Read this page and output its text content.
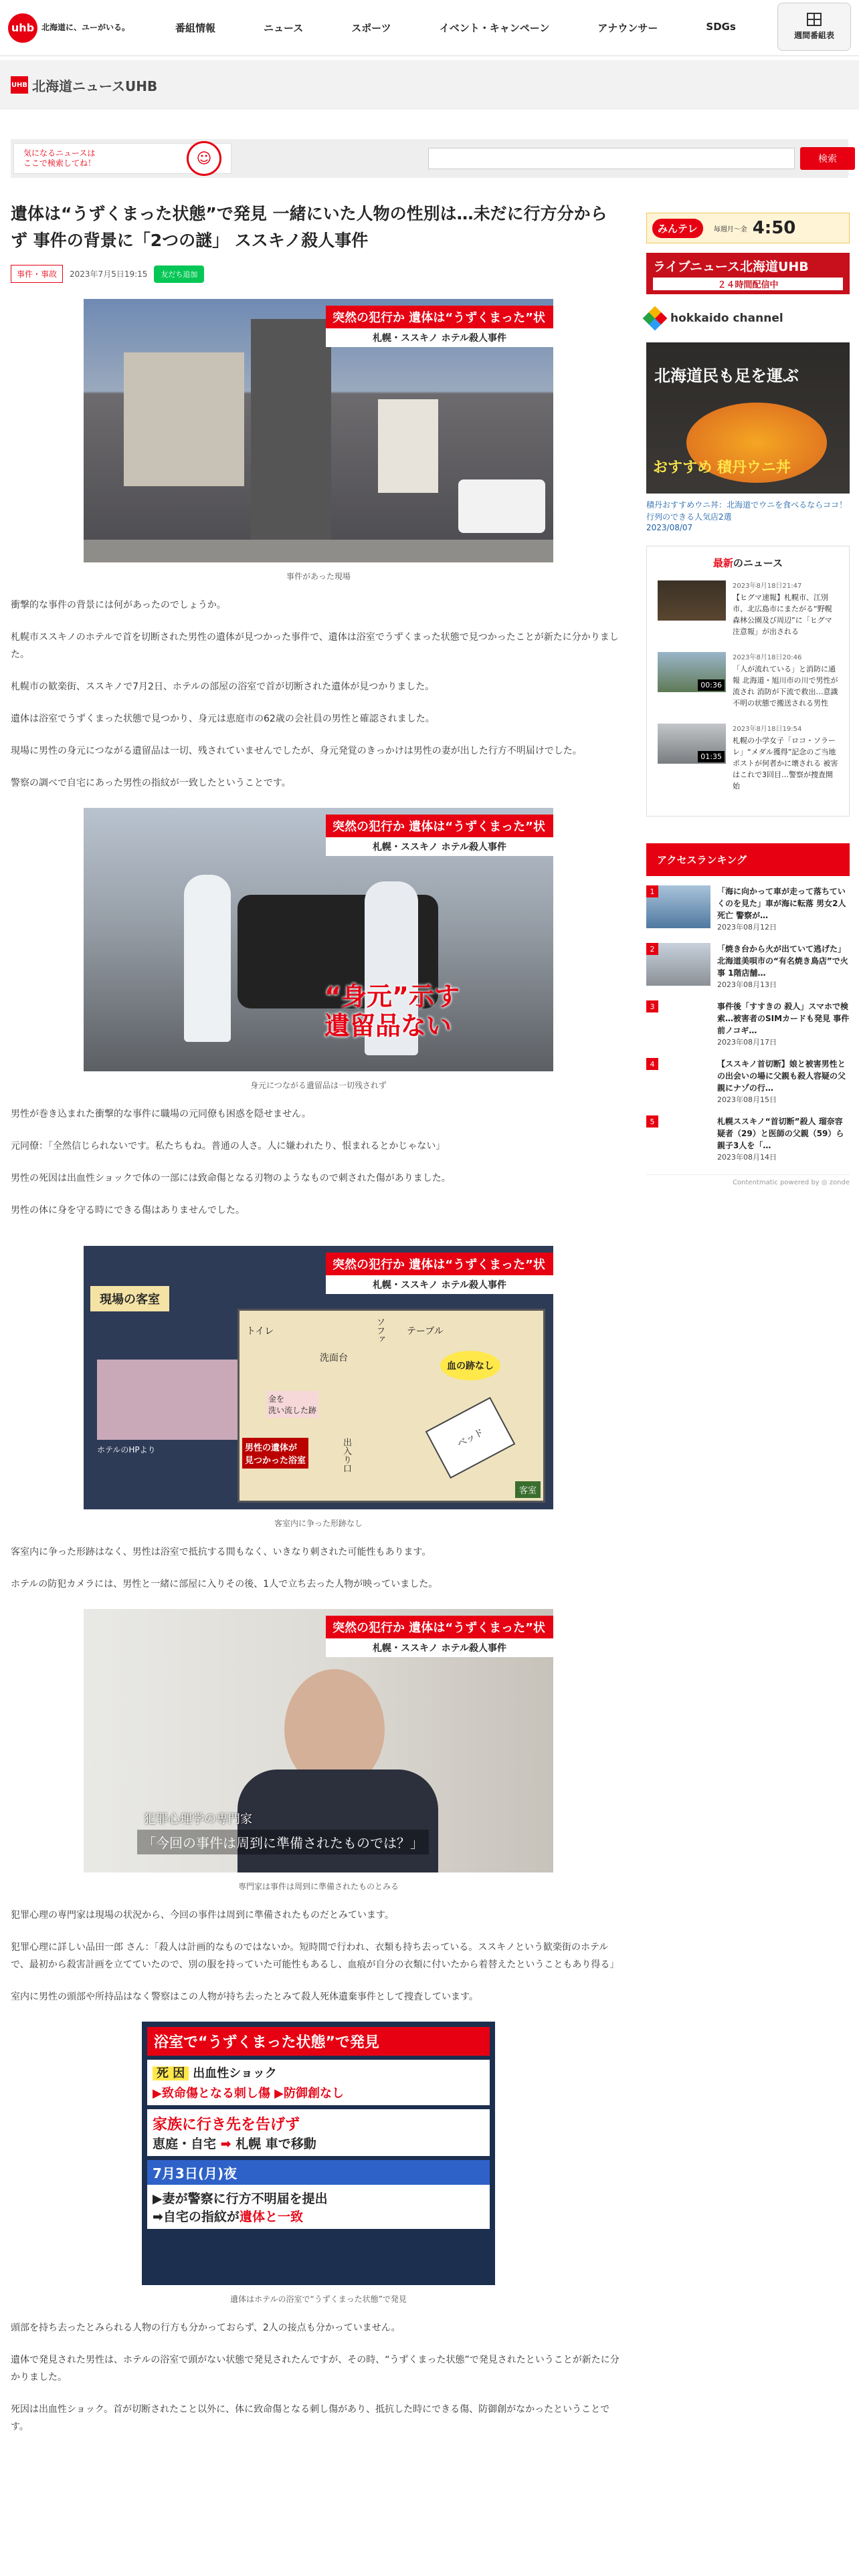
uhb 北海道に、ユーがいる。	番組情報	ニュース	スポーツ	イベント・キャンペーン	アナウンサー	SDGs
週間番組表
UHB 北海道ニュースUHB
気になるニュースは
ここで検索してね！	☺	検索
遺体は“うずくまった状態”で発見 一緒にいた人物の性別は…未だに行方分からず 事件の背景に「2つの謎」 ススキノ殺人事件
事件・事故	2023年7月5日19:15	友だち追加
突然の犯行か 遺体は“うずくまった”状
札幌・ススキノ ホテル殺人事件
事件があった現場

衝撃的な事件の背景には何があったのでしょうか。

札幌市ススキノのホテルで首を切断された男性の遺体が見つかった事件で、遺体は浴室でうずくまった状態で見つかったことが新たに分かりました。

札幌市の歓楽街、ススキノで7月2日、ホテルの部屋の浴室で首が切断された遺体が見つかりました。

遺体は浴室でうずくまった状態で見つかり、身元は恵庭市の62歳の会社員の男性と確認されました。

現場に男性の身元につながる遺留品は一切、残されていませんでしたが、身元発覚のきっかけは男性の妻が出した行方不明届けでした。

警察の調べで自宅にあった男性の指紋が一致したということです。

突然の犯行か 遺体は“うずくまった”状
札幌・ススキノ ホテル殺人事件
“身元”示す
遺留品ない
身元につながる遺留品は一切残されず

男性が巻き込まれた衝撃的な事件に職場の元同僚も困惑を隠せません。

元同僚：「全然信じられないです。私たちもね。普通の人さ。人に嫌われたり、恨まれるとかじゃない」

男性の死因は出血性ショックで体の一部には致命傷となる刃物のようなもので刺された傷がありました。

男性の体に身を守る時にできる傷はありませんでした。

突然の犯行か 遺体は“うずくまった”状
札幌・ススキノ ホテル殺人事件
現場の客室
ホテルのHPより
トイレ
洗面台
ソファ テーブル
血の跡なし
ベッド
金を
洗い流した跡
男性の遺体が
見つかった浴室	出入り口
客室
客室内に争った形跡なし

客室内に争った形跡はなく、男性は浴室で抵抗する間もなく、いきなり刺された可能性もあります。

ホテルの防犯カメラには、男性と一緒に部屋に入りその後、1人で立ち去った人物が映っていました。

突然の犯行か 遺体は“うずくまった”状
札幌・ススキノ ホテル殺人事件
犯罪心理学の専門家
「今回の事件は周到に準備されたものでは？」
専門家は事件は周到に準備されたものとみる

犯罪心理の専門家は現場の状況から、今回の事件は周到に準備されたものだとみています。

犯罪心理に詳しい品田一郎 さん：「殺人は計画的なものではないか。短時間で行われ、衣類も持ち去っている。ススキノという歓楽街のホテルで、最初から殺害計画を立てていたので、別の服を持っていた可能性もあるし、血痕が自分の衣類に付いたから着替えたということもあり得る」

室内に男性の頭部や所持品はなく警察はこの人物が持ち去ったとみて殺人死体遺棄事件として捜査しています。

浴室で“うずくまった状態”で発見
死 因 出血性ショック
▶致命傷となる刺し傷 ▶防御創なし
家族に行き先を告げず
恵庭・自宅 ➡ 札幌 車で移動
7月3日(月)夜
▶妻が警察に行方不明届を提出
➡自宅の指紋が遺体と一致
遺体はホテルの浴室で“うずくまった状態”で発見

頭部を持ち去ったとみられる人物の行方も分かっておらず、2人の接点も分かっていません。

遺体で発見された男性は、ホテルの浴室で頭がない状態で発見されたんですが、その時、“うずくまった状態”で発見されたということが新たに分かりました。

死因は出血性ショック。首が切断されたこと以外に、体に致命傷となる刺し傷があり、抵抗した時にできる傷、防御創がなかったということです。

みんテレ	毎週月～金 4:50
ライブニュース北海道UHB
２４時間配信中
hokkaido channel
北海道民も足を運ぶ
おすすめ 積丹ウニ丼
積丹おすすめウニ丼：北海道でウニを食べるならココ！行列のできる人気店2選
2023/08/07
最新のニュース
2023年8月18日21:47
【ヒグマ速報】札幌市、江別市、北広島市にまたがる“野幌森林公園及び周辺”に「ヒグマ注意報」が出される
00:36
2023年8月18日20:46
「人が流れている」と消防に通報 北海道・旭川市の川で男性が流され 消防が下流で救出…意識不明の状態で搬送される男性
01:35
2023年8月18日19:54
札幌の小学女子「ロコ・ソラーレ」“メダル獲得”記念のご当地ポストが何者かに壊される 被害はこれで3回目…警察が捜査開始
アクセスランキング
1	「海に向かって車が走って落ちていくのを見た」車が海に転落 男女2人死亡 警察が…
2023年08月12日
2	「焼き台から火が出ていて逃げた」北海道美唄市の“有名焼き鳥店”で火事 1階店舗…
2023年08月13日
3	事件後「すすきの 殺人」スマホで検索…被害者のSIMカードも発見 事件前ノコギ…
2023年08月17日
4	【ススキノ首切断】娘と被害男性との出会いの場に父親も殺人容疑の父親にナゾの行…
2023年08月15日
5	札幌ススキノ“首切断”殺人 瑠奈容疑者（29）と医師の父親（59）ら親子3人を「…
2023年08月14日
Contentmatic powered by ◎ zonde
